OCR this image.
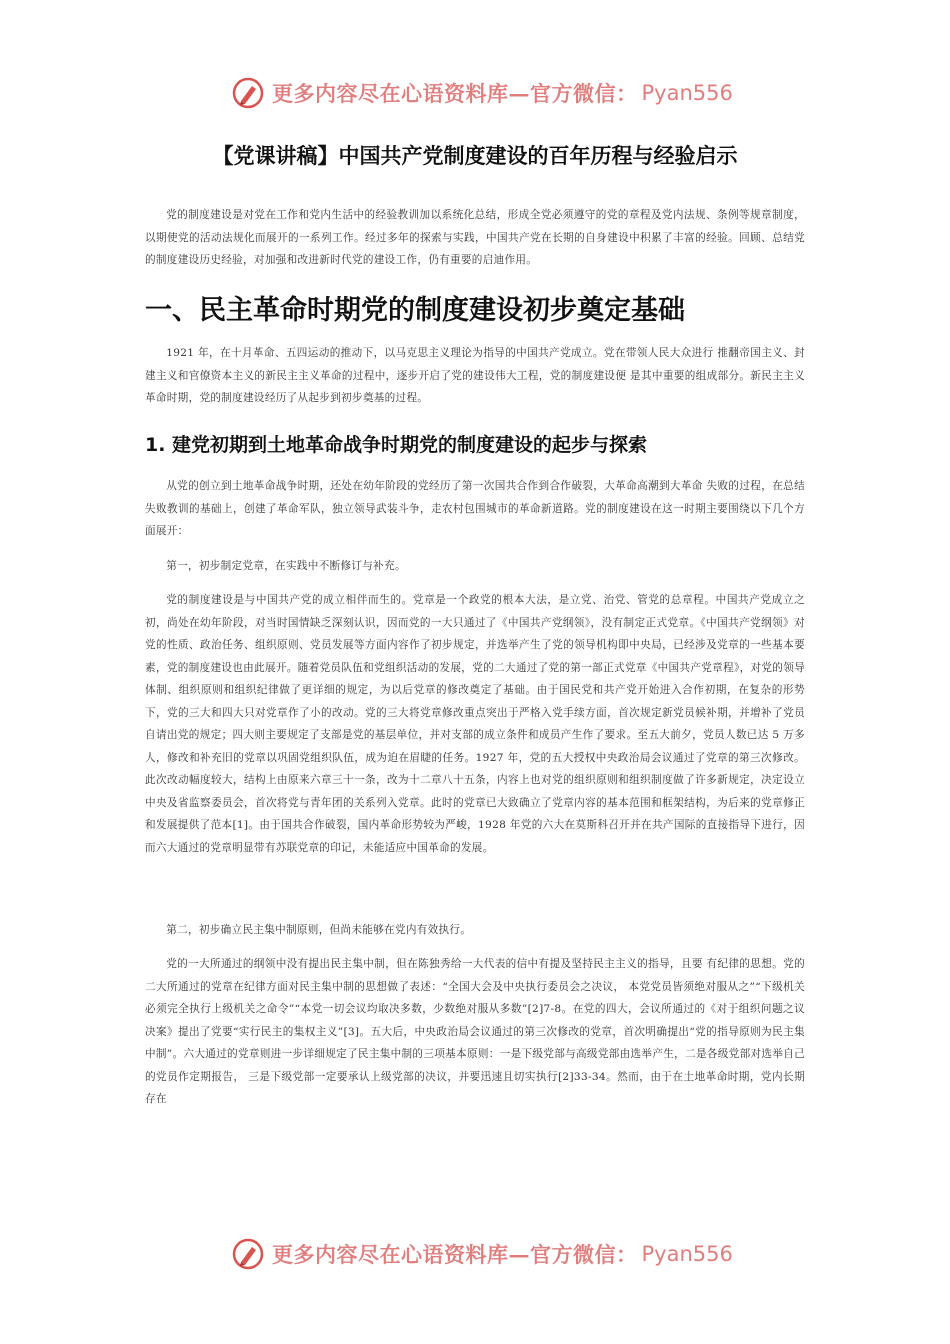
更多内容尽在心语资料库—官方微信： Pyan556
【党课讲稿】中国共产党制度建设的百年历程与经验启示

党的制度建设是对党在工作和党内生活中的经验教训加以系统化总结，形成全党必须遵守的党的章程及党内法规、条例等规章制度，以期使党的活动法规化而展开的一系列工作。经过多年的探索与实践，中国共产党在长期的自身建设中积累了丰富的经验。回顾、总结党的制度建设历史经验，对加强和改进新时代党的建设工作，仍有重要的启迪作用。

一、民主革命时期党的制度建设初步奠定基础

1921 年，在十月革命、五四运动的推动下，以马克思主义理论为指导的中国共产党成立。党在带领人民大众进行 推翻帝国主义、封建主义和官僚资本主义的新民主主义革命的过程中，逐步开启了党的建设伟大工程，党的制度建设便 是其中重要的组成部分。新民主主义革命时期，党的制度建设经历了从起步到初步奠基的过程。

1. 建党初期到土地革命战争时期党的制度建设的起步与探索

从党的创立到土地革命战争时期，还处在幼年阶段的党经历了第一次国共合作到合作破裂，大革命高潮到大革命 失败的过程，在总结失败教训的基础上，创建了革命军队，独立领导武装斗争，走农村包围城市的革命新道路。党的制度建设在这一时期主要围绕以下几个方面展开：

第一，初步制定党章，在实践中不断修订与补充。

党的制度建设是与中国共产党的成立相伴而生的。党章是一个政党的根本大法，是立党、治党、管党的总章程。中国共产党成立之初，尚处在幼年阶段，对当时国情缺乏深刻认识，因而党的一大只通过了《中国共产党纲领》，没有制定正式党章。《中国共产党纲领》对党的性质、政治任务、组织原则、党员发展等方面内容作了初步规定，并选举产生了党的领导机构即中央局，已经涉及党章的一些基本要素，党的制度建设也由此展开。随着党员队伍和党组织活动的发展，党的二大通过了党的第一部正式党章《中国共产党章程》，对党的领导体制、组织原则和组织纪律做了更详细的规定，为以后党章的修改奠定了基础。由于国民党和共产党开始进入合作初期，在复杂的形势下，党的三大和四大只对党章作了小的改动。党的三大将党章修改重点突出于严格入党手续方面，首次规定新党员候补期，并增补了党员自请出党的规定；四大则主要规定了支部是党的基层单位，并对支部的成立条件和成员产生作了要求。至五大前夕，党员人数已达 5 万多人，修改和补充旧的党章以巩固党组织队伍，成为迫在眉睫的任务。1927 年，党的五大授权中央政治局会议通过了党章的第三次修改。此次改动幅度较大，结构上由原来六章三十一条，改为十二章八十五条，内容上也对党的组织原则和组织制度做了许多新规定，决定设立中央及省监察委员会，首次将党与青年团的关系列入党章。此时的党章已大致确立了党章内容的基本范围和框架结构，为后来的党章修正和发展提供了范本[1]。由于国共合作破裂，国内革命形势较为严峻，1928 年党的六大在莫斯科召开并在共产国际的直接指导下进行，因而六大通过的党章明显带有苏联党章的印记，未能适应中国革命的发展。

第二，初步确立民主集中制原则，但尚未能够在党内有效执行。

党的一大所通过的纲领中没有提出民主集中制，但在陈独秀给一大代表的信中有提及坚持民主主义的指导，且要 有纪律的思想。党的二大所通过的党章在纪律方面对民主集中制的思想做了表述：“全国大会及中央执行委员会之决议， 本党党员皆须绝对服从之”“下级机关必须完全执行上级机关之命令”“本党一切会议均取决多数，少数绝对服从多数”[2]7-8。在党的四大，会议所通过的《对于组织问题之议决案》提出了党要“实行民主的集权主义”[3]。五大后，中央政治局会议通过的第三次修改的党章，首次明确提出“党的指导原则为民主集中制”。六大通过的党章则进一步详细规定了民主集中制的三项基本原则：一是下级党部与高级党部由选举产生，二是各级党部对选举自己的党员作定期报告， 三是下级党部一定要承认上级党部的决议，并要迅速且切实执行[2]33-34。然而，由于在土地革命时期，党内长期存在

更多内容尽在心语资料库—官方微信： Pyan556
